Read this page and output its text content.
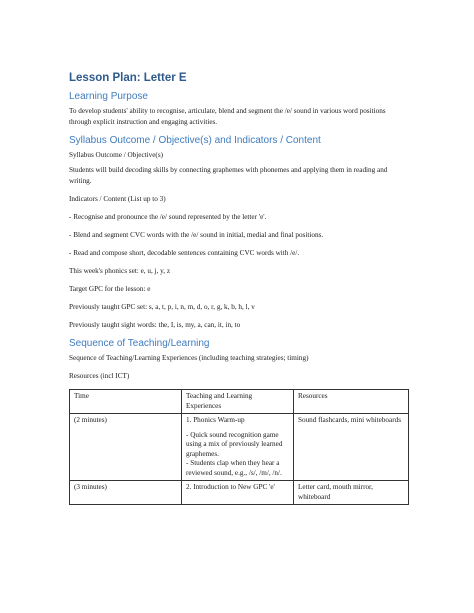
Lesson Plan: Letter E
Learning Purpose
To develop students' ability to recognise, articulate, blend and segment the /e/ sound in various word positions through explicit instruction and engaging activities.
Syllabus Outcome / Objective(s) and Indicators / Content
Syllabus Outcome / Objective(s)
Students will build decoding skills by connecting graphemes with phonemes and applying them in reading and writing.
Indicators / Content (List up to 3)
- Recognise and pronounce the /e/ sound represented by the letter 'e'.
- Blend and segment CVC words with the /e/ sound in initial, medial and final positions.
- Read and compose short, decodable sentences containing CVC words with /e/.
This week's phonics set: e, u, j, y, z
Target GPC for the lesson: e
Previously taught GPC set: s, a, t, p, i, n, m, d, o, r, g, k, b, h, l, v
Previously taught sight words: the, I, is, my, a, can, it, in, to
Sequence of Teaching/Learning
Sequence of Teaching/Learning Experiences (including teaching strategies; timing)
Resources (incl ICT)
Time	Teaching and Learning Experiences	Resources
(2 minutes)	1. Phonics Warm-up
- Quick sound recognition game using a mix of previously learned graphemes.
- Students clap when they hear a reviewed sound, e.g., /s/, /m/, /n/.	Sound flashcards, mini whiteboards
(3 minutes)	2. Introduction to New GPC 'e'	Letter card, mouth mirror, whiteboard
